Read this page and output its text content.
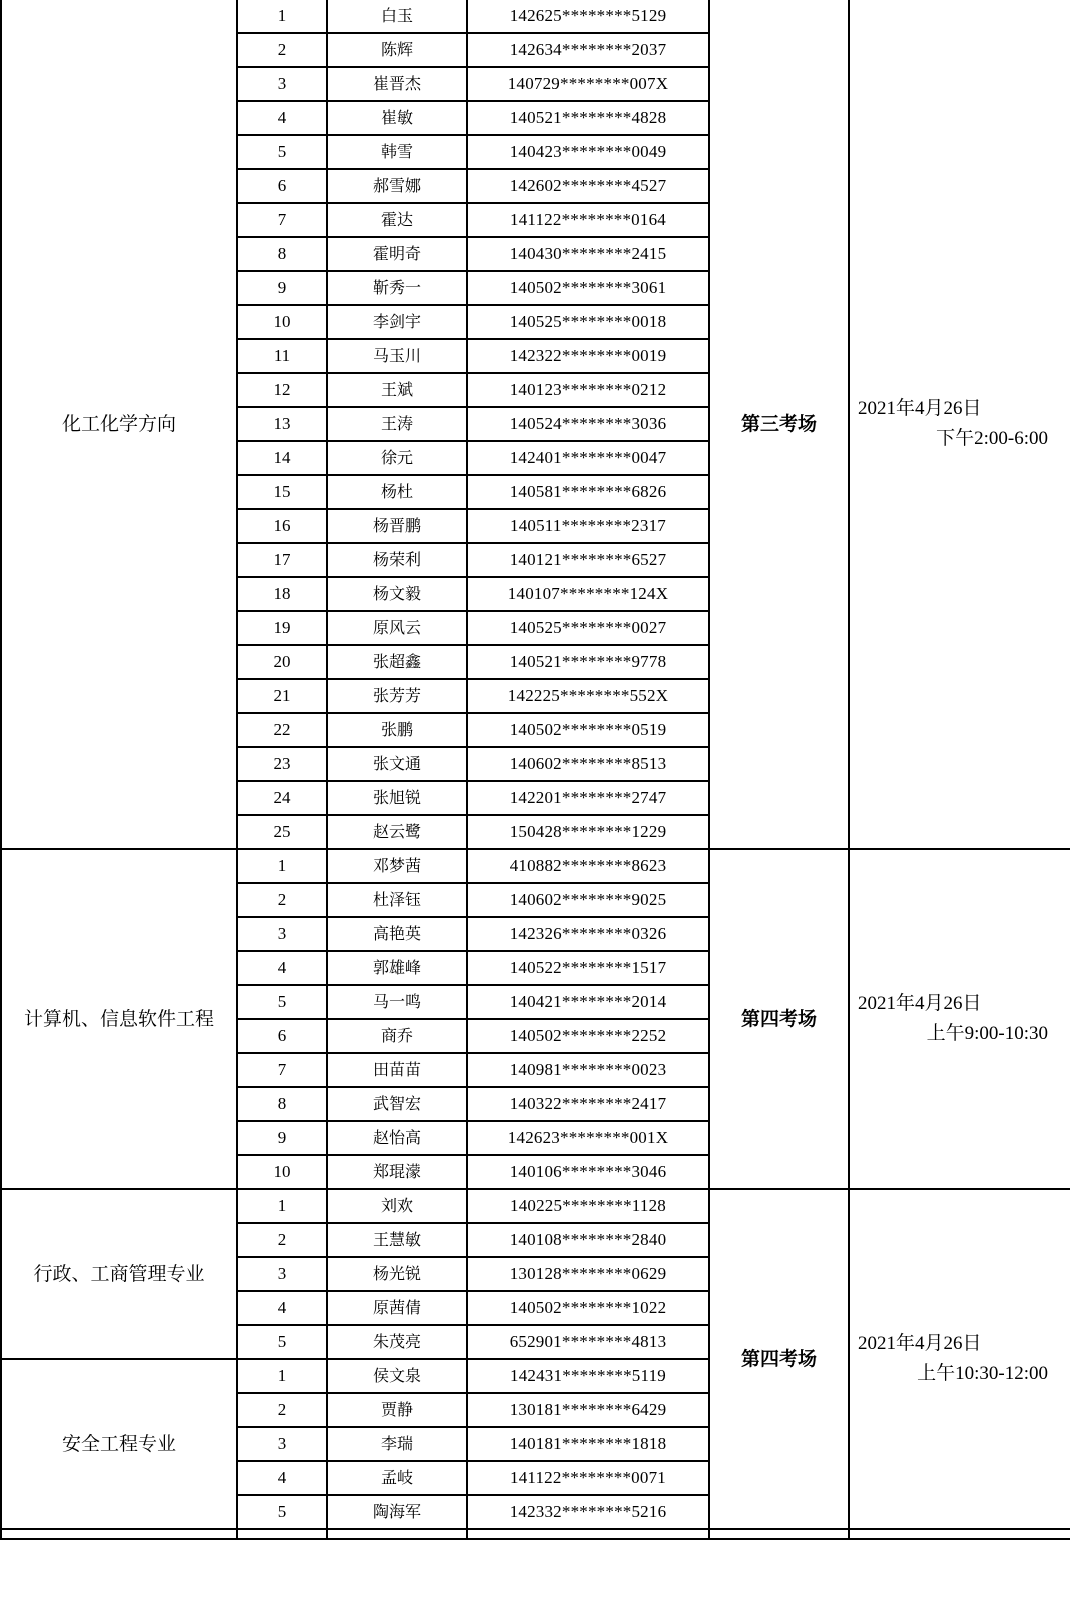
化工化学方向	1	白玉	142625********5129	第三考场	2021年4月26日
下午2:00-6:00

	2	陈辉	142634********2037		
	3	崔晋杰	140729********007X		
	4	崔敏	140521********4828		
	5	韩雪	140423********0049		
	6	郝雪娜	142602********4527		
	7	霍达	141122********0164		
	8	霍明奇	140430********2415		
	9	靳秀一	140502********3061		
	10	李剑宇	140525********0018		
	11	马玉川	142322********0019		
	12	王斌	140123********0212		
	13	王涛	140524********3036		
	14	徐元	142401********0047		
	15	杨杜	140581********6826		
	16	杨晋鹏	140511********2317		
	17	杨荣利	140121********6527		
	18	杨文毅	140107********124X		
	19	原风云	140525********0027		
	20	张超鑫	140521********9778		
	21	张芳芳	142225********552X		
	22	张鹏	140502********0519		
	23	张文通	140602********8513		
	24	张旭锐	142201********2747		
	25	赵云鹭	150428********1229		
计算机、信息软件工程	1	邓梦茜	410882********8623	第四考场	2021年4月26日
上午9:00-10:30

	2	杜泽钰	140602********9025		
	3	高艳英	142326********0326		
	4	郭雄峰	140522********1517		
	5	马一鸣	140421********2014		
	6	商乔	140502********2252		
	7	田苗苗	140981********0023		
	8	武智宏	140322********2417		
	9	赵怡高	142623********001X		
	10	郑琨濛	140106********3046		
行政、工商管理专业	1	刘欢	140225********1128	第四考场	2021年4月26日
上午10:30-12:00

	2	王慧敏	140108********2840		
	3	杨光锐	130128********0629		
	4	原茜倩	140502********1022		
	5	朱茂亮	652901********4813		
安全工程专业	1	侯文泉	142431********5119		
	2	贾静	130181********6429		
	3	李瑞	140181********1818		
	4	孟岐	141122********0071		
	5	陶海军	142332********5216		
